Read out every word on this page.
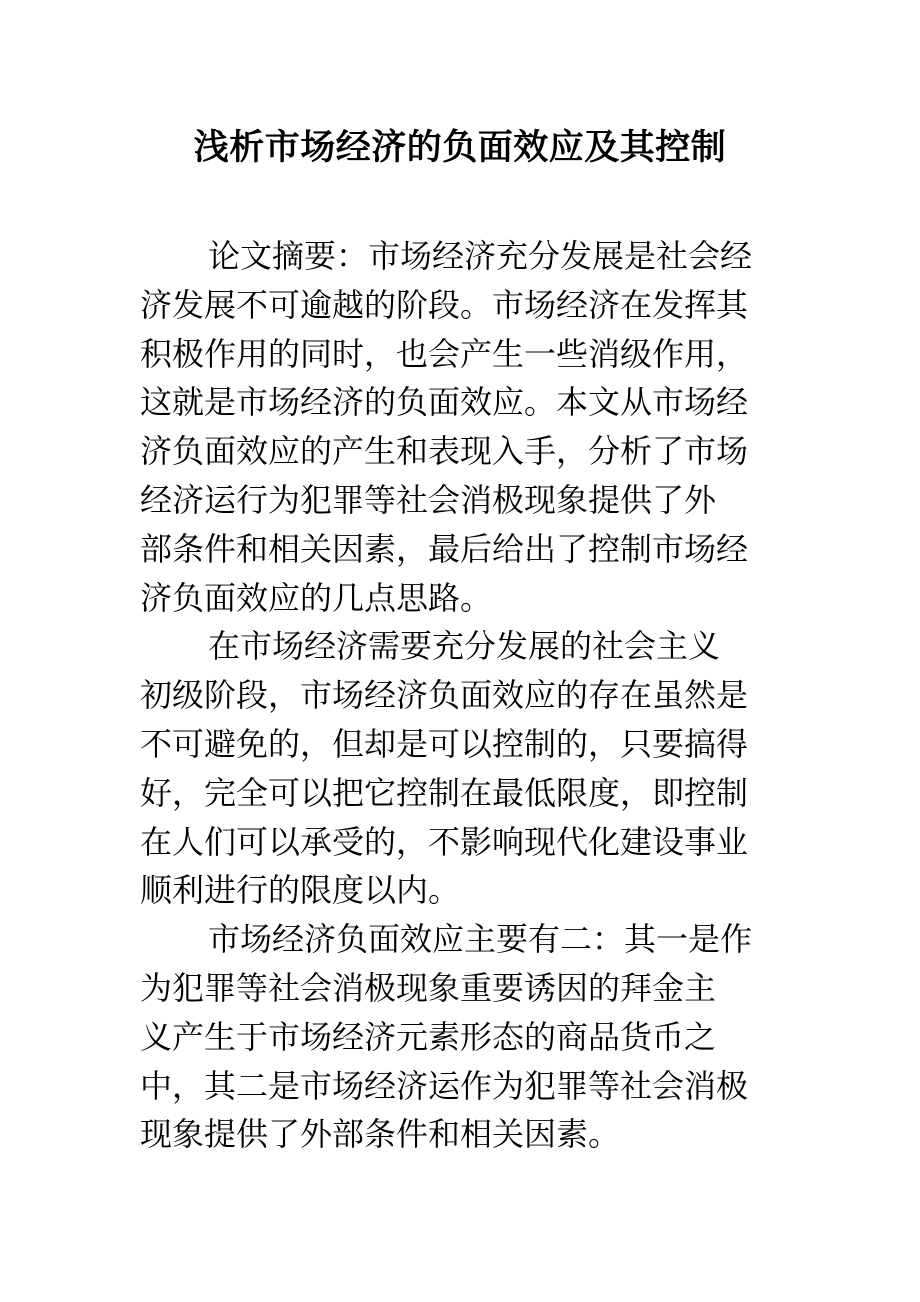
zixin.com.cn
浅析市场经济的负面效应及其控制
论文摘要：市场经济充分发展是社会经
济发展不可逾越的阶段。市场经济在发挥其
积极作用的同时，也会产生一些消级作用，
这就是市场经济的负面效应。本文从市场经
济负面效应的产生和表现入手，分析了市场
经济运行为犯罪等社会消极现象提供了外
部条件和相关因素，最后给出了控制市场经
济负面效应的几点思路。
在市场经济需要充分发展的社会主义
初级阶段，市场经济负面效应的存在虽然是
不可避免的，但却是可以控制的，只要搞得
好，完全可以把它控制在最低限度，即控制
在人们可以承受的，不影响现代化建设事业
顺利进行的限度以内。
市场经济负面效应主要有二：其一是作
为犯罪等社会消极现象重要诱因的拜金主
义产生于市场经济元素形态的商品货币之
中，其二是市场经济运作为犯罪等社会消极
现象提供了外部条件和相关因素。
